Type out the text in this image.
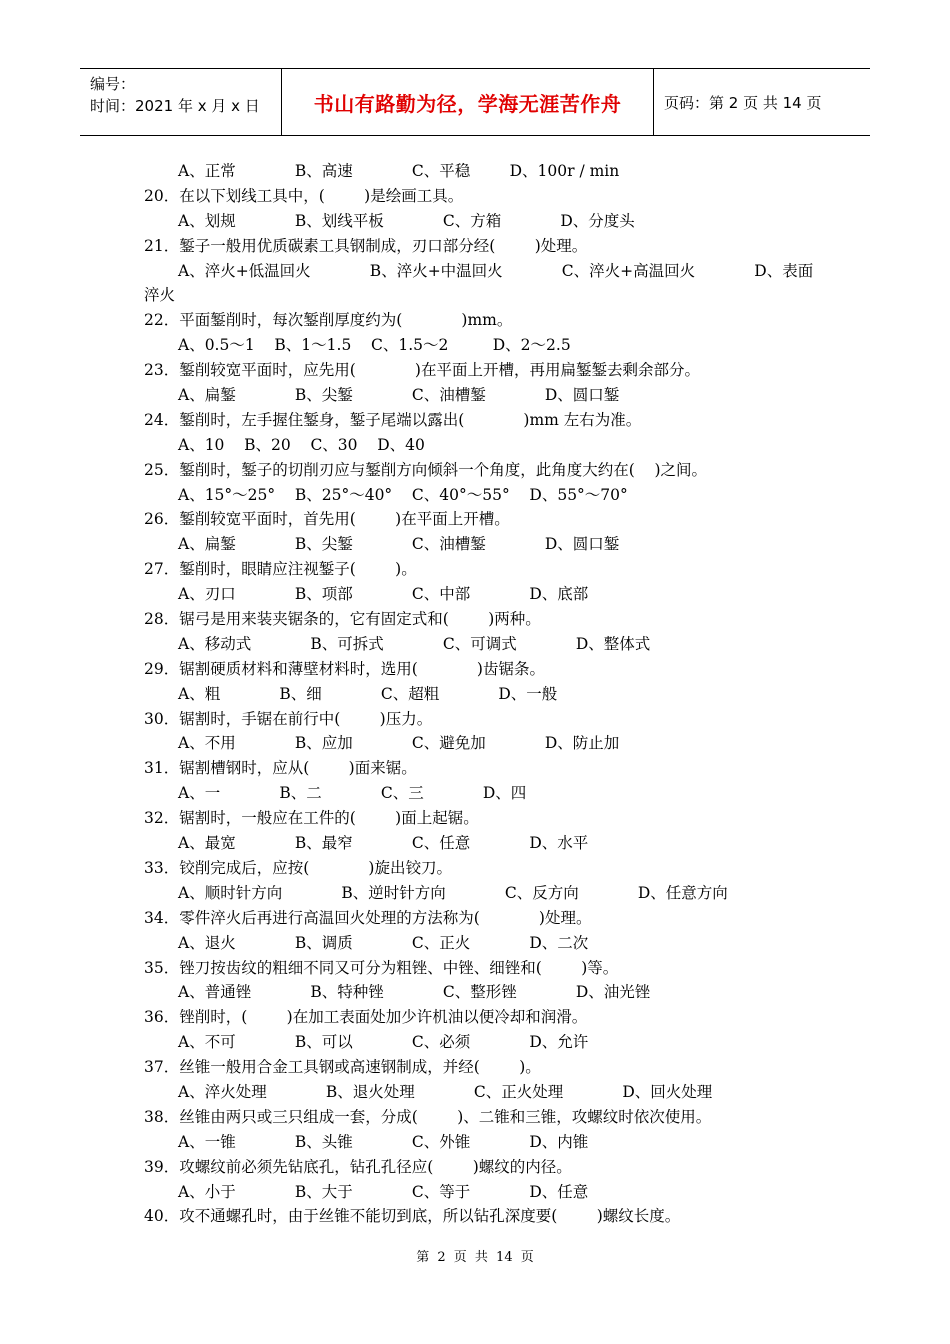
编号：
时间：2021 年 x 月 x 日	书山有路勤为径，学海无涯苦作舟	页码：第 2 页 共 14 页
A、正常            B、高速            C、平稳        D、100r / min
20．在以下划线工具中，(        )是绘画工具。
A、划规            B、划线平板            C、方箱            D、分度头
21．錾子一般用优质碳素工具钢制成，刃口部分经(        )处理。
A、淬火+低温回火            B、淬火+中温回火            C、淬火+高温回火            D、表面
淬火
22．平面錾削时，每次錾削厚度约为(            )mm。
A、0.5～1    B、1～1.5    C、1.5～2         D、2～2.5
23．錾削较宽平面时，应先用(            )在平面上开槽，再用扁錾錾去剩余部分。
A、扁錾            B、尖錾            C、油槽錾            D、圆口錾
24．錾削时，左手握住錾身，錾子尾端以露出(            )mm 左右为准。
A、10    B、20    C、30    D、40
25．錾削时，錾子的切削刃应与錾削方向倾斜一个角度，此角度大约在(    )之间。
A、15°～25°    B、25°～40°    C、40°～55°    D、55°～70°
26．錾削较宽平面时，首先用(        )在平面上开槽。
A、扁錾            B、尖錾            C、油槽錾            D、圆口錾
27．錾削时，眼睛应注视錾子(        )。
A、刃口            B、项部            C、中部            D、底部
28．锯弓是用来装夹锯条的，它有固定式和(        )两种。
A、移动式            B、可拆式            C、可调式            D、整体式
29．锯割硬质材料和薄壁材料时，选用(            )齿锯条。
A、粗            B、细            C、超粗            D、一般
30．锯割时，手锯在前行中(        )压力。
A、不用            B、应加            C、避免加            D、防止加
31．锯割槽钢时，应从(        )面来锯。
A、一            B、二            C、三            D、四
32．锯割时，一般应在工件的(        )面上起锯。
A、最宽            B、最窄            C、任意            D、水平
33．铰削完成后，应按(            )旋出铰刀。
A、顺时针方向            B、逆时针方向            C、反方向            D、任意方向
34．零件淬火后再进行高温回火处理的方法称为(            )处理。
A、退火            B、调质            C、正火            D、二次
35．锉刀按齿纹的粗细不同又可分为粗锉、中锉、细锉和(        )等。
A、普通锉            B、特种锉            C、整形锉            D、油光锉
36．锉削时，(        )在加工表面处加少许机油以便冷却和润滑。
A、不可            B、可以            C、必须            D、允许
37．丝锥一般用合金工具钢或高速钢制成，并经(        )。
A、淬火处理            B、退火处理            C、正火处理            D、回火处理
38．丝锥由两只或三只组成一套，分成(        )、二锥和三锥，攻螺纹时依次使用。
A、一锥            B、头锥            C、外锥            D、内锥
39．攻螺纹前必须先钻底孔，钻孔孔径应(        )螺纹的内径。
A、小于            B、大于            C、等于            D、任意
40．攻不通螺孔时，由于丝锥不能切到底，所以钻孔深度要(        )螺纹长度。
第 2 页 共 14 页
